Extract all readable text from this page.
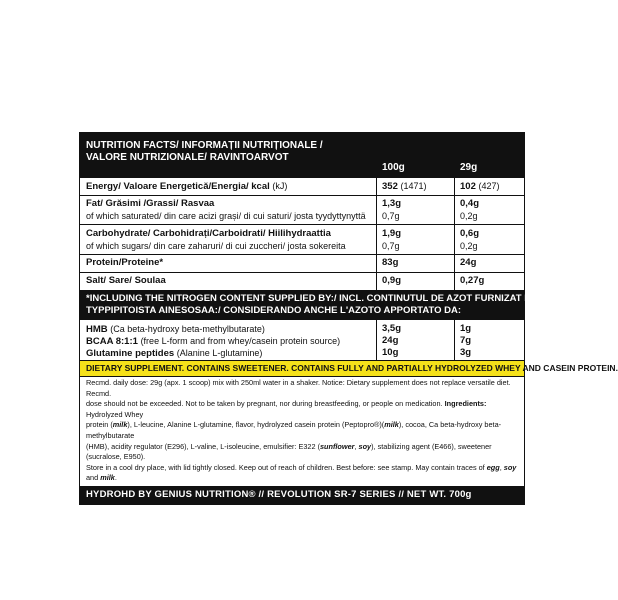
NUTRITION FACTS/ INFORMAȚII NUTRIȚIONALE /
VALORE NUTRIZIONALE/ RAVINTOARVOT
100g	29g
Energy/ Valoare Energetică/Energia/ kcal (kJ)	352 (1471)	102 (427)
Fat/ Grăsimi /Grassi/ Rasvaa	1,3g	0,4g
of which saturated/ din care acizi grași/ di cui saturi/ josta tyydyttynyttä 0,7g	0,2g
Carbohydrate/ Carbohidrați/Carboidrati/ Hiilihydraattia	1,9g	0,6g
of which sugars/ din care zaharuri/ di cui zuccheri/ josta sokereita	0,7g	0,2g
Protein/Proteine*	83g	24g
Salt/ Sare/ Soulaa	0,9g	0,27g
*INCLUDING THE NITROGEN CONTENT SUPPLIED BY:/ INCL. CONTINUTUL DE AZOT FURNIZAT DE: / SISÄLTÄÄ
TYPPIPITOISTA AINESOSAA:/ CONSIDERANDO ANCHE L'AZOTO APPORTATO DA:
HMB (Ca beta-hydroxy beta-methylbutarate)	3,5g	1g
BCAA 8:1:1 (free L-form and from whey/casein protein source)	24g	7g
Glutamine peptides (Alanine L-glutamine)	10g	3g
DIETARY SUPPLEMENT. CONTAINS SWEETENER. CONTAINS FULLY AND PARTIALLY HYDROLYZED WHEY AND CASEIN PROTEIN.

Recmd. daily dose: 29g (apx. 1 scoop) mix with 250ml water in a shaker. Notice: Dietary supplement does not replace versatile diet. Recmd.

dose should not be exceeded. Not to be taken by pregnant, nor during breastfeeding, or people on medication. Ingredients: Hydrolyzed Whey

protein (milk), L-leucine, Alanine L-glutamine, flavor, hydrolyzed casein protein (Peptopro®)(milk), cocoa, Ca beta-hydroxy beta-methylbutarate

(HMB), acidity regulator (E296), L-valine, L-isoleucine, emulsifier: E322 (sunflower, soy), stabilizing agent (E466), sweetener (sucralose, E950).

Store in a cool dry place, with lid tightly closed. Keep out of reach of children. Best before: see stamp. May contain traces of egg, soy and milk.

HYDROHD BY GENIUS NUTRITION® // REVOLUTION SR-7 SERIES // NET WT. 700g
